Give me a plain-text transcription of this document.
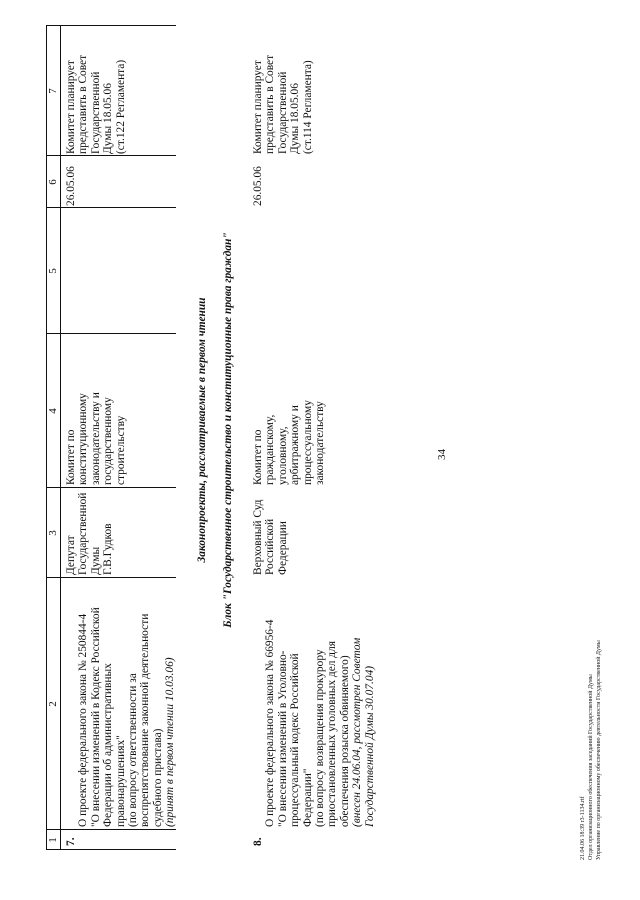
34
1
2
3
4
5
6
7
7.

О проекте федерального закона № 250844-4
"О внесении изменений в Кодекс Российской
Федерации об административных
правонарушениях"
(по вопросу ответственности за
воспрепятствование законной деятельности
судебного пристава) (принят в первом чтении 10.03.06)

Депутат
Государственной
Думы
Г.В.Гудков
Комитет по
конституционному
законодательству и
государственному
строительству
26.05.06
Комитет планирует
представить в Совет
Государственной
Думы 18.05.06
(ст.122 Регламента)
Законопроекты, рассматриваемые в первом чтении Блок "Государственное строительство и конституционные права граждан"
8.

О проекте федерального закона № 66956-4
"О внесении изменений в Уголовно-
процессуальный кодекс Российской
Федерации"
(по вопросу возвращения прокурору
приостановленных уголовных дел для
обеспечения розыска обвиняемого)

(внесен 24.06.04, рассмотрен Советом
Государственной Думы 30.07.04)

Верховный Суд
Российской
Федерации
Комитет по
гражданскому,
уголовному,
арбитражному и
процессуальному
законодательству
26.05.06
Комитет планирует
представить в Совет
Государственной
Думы 18.05.06
(ст.114 Регламента)
21.04.06 18:39 r3-1134.rtf Отдел организационного обеспечения заседаний Государственной Думы Управление по организационному обеспечению деятельности Государственной Думы
